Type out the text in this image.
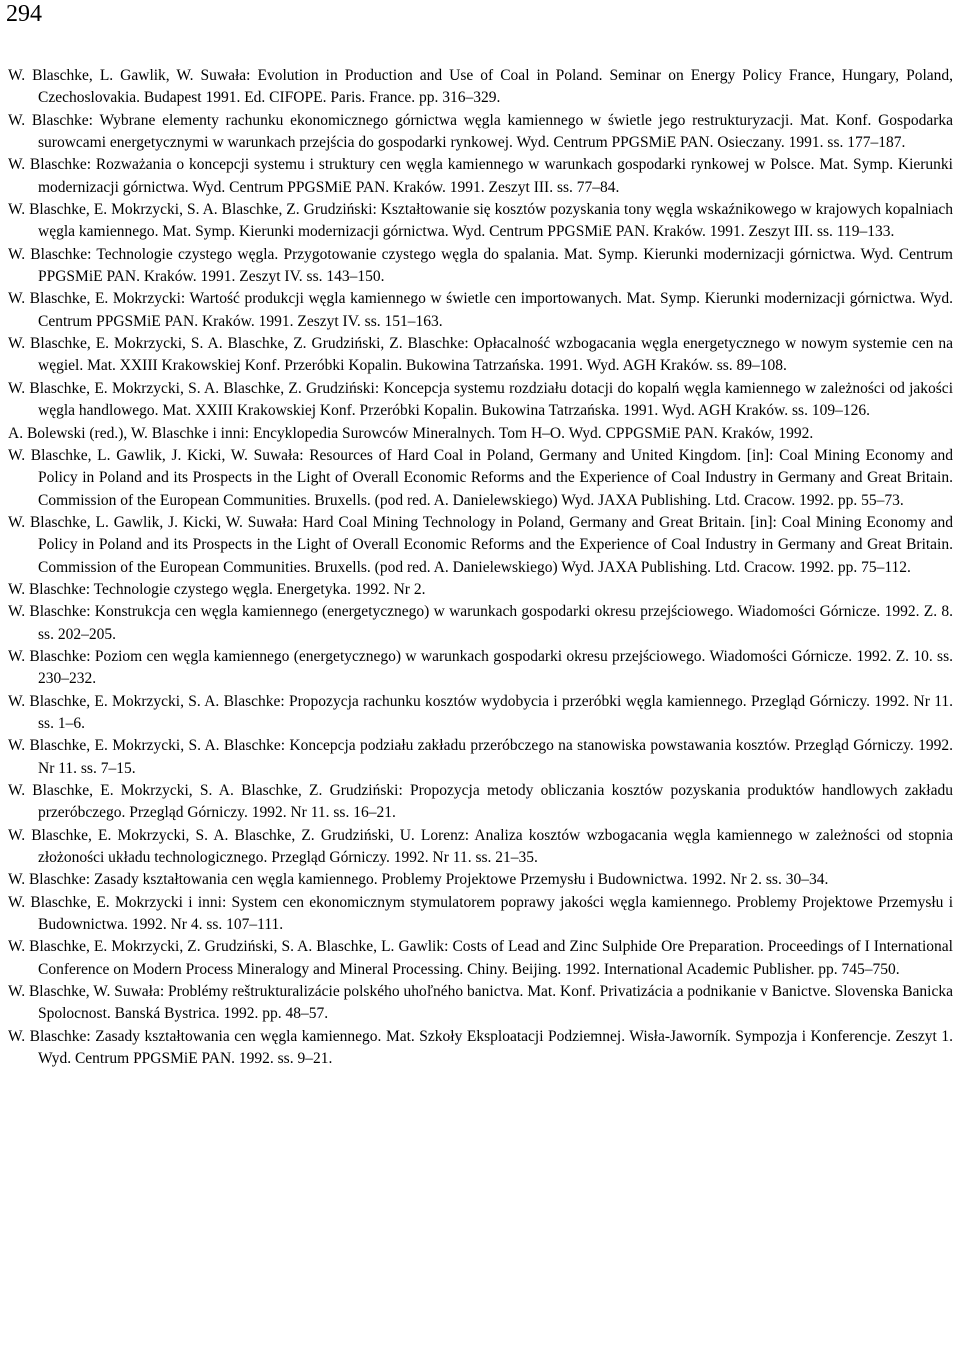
294
W. Blaschke, L. Gawlik, W. Suwała: Evolution in Production and Use of Coal in Poland. Seminar on Energy Policy France, Hungary, Poland, Czechoslovakia. Budapest 1991. Ed. CIFOPE. Paris. France. pp. 316–329.
W. Blaschke: Wybrane elementy rachunku ekonomicznego górnictwa węgla kamiennego w świetle jego restrukturyzacji. Mat. Konf. Gospodarka surowcami energetycznymi w warunkach przejścia do gospodarki rynkowej. Wyd. Centrum PPGSMiE PAN. Osieczany. 1991. ss. 177–187.
W. Blaschke: Rozważania o koncepcji systemu i struktury cen węgla kamiennego w warunkach gospodarki rynkowej w Polsce. Mat. Symp. Kierunki modernizacji górnictwa. Wyd. Centrum PPGSMiE PAN. Kraków. 1991. Zeszyt III. ss. 77–84.
W. Blaschke, E. Mokrzycki, S. A. Blaschke, Z. Grudziński: Kształtowanie się kosztów pozyskania tony węgla wskaźnikowego w krajowych kopalniach węgla kamiennego. Mat. Symp. Kierunki modernizacji górnictwa. Wyd. Centrum PPGSMiE PAN. Kraków. 1991. Zeszyt III. ss. 119–133.
W. Blaschke: Technologie czystego węgla. Przygotowanie czystego węgla do spalania. Mat. Symp. Kierunki modernizacji górnictwa. Wyd. Centrum PPGSMiE PAN. Kraków. 1991. Zeszyt IV. ss. 143–150.
W. Blaschke, E. Mokrzycki: Wartość produkcji węgla kamiennego w świetle cen importowanych. Mat. Symp. Kierunki modernizacji górnictwa. Wyd. Centrum PPGSMiE PAN. Kraków. 1991. Zeszyt IV. ss. 151–163.
W. Blaschke, E. Mokrzycki, S. A. Blaschke, Z. Grudziński, Z. Blaschke: Opłacalność wzbogacania węgla energetycznego w nowym systemie cen na węgiel. Mat. XXIII Krakowskiej Konf. Przeróbki Kopalin. Bukowina Tatrzańska. 1991. Wyd. AGH Kraków. ss. 89–108.
W. Blaschke, E. Mokrzycki, S. A. Blaschke, Z. Grudziński: Koncepcja systemu rozdziału dotacji do kopalń węgla kamiennego w zależności od jakości węgla handlowego. Mat. XXIII Krakowskiej Konf. Przeróbki Kopalin. Bukowina Tatrzańska. 1991. Wyd. AGH Kraków. ss. 109–126.
A. Bolewski (red.), W. Blaschke i inni: Encyklopedia Surowców Mineralnych. Tom H–O. Wyd. CPPGSMiE PAN. Kraków, 1992.
W. Blaschke, L. Gawlik, J. Kicki, W. Suwała: Resources of Hard Coal in Poland, Germany and United Kingdom. [in]: Coal Mining Economy and Policy in Poland and its Prospects in the Light of Overall Economic Reforms and the Experience of Coal Industry in Germany and Great Britain. Commission of the European Communities. Bruxells. (pod red. A. Danielewskiego) Wyd. JAXA Publishing. Ltd. Cracow. 1992. pp. 55–73.
W. Blaschke, L. Gawlik, J. Kicki, W. Suwała: Hard Coal Mining Technology in Poland, Germany and Great Britain. [in]: Coal Mining Economy and Policy in Poland and its Prospects in the Light of Overall Economic Reforms and the Experience of Coal Industry in Germany and Great Britain. Commission of the European Communities. Bruxells. (pod red. A. Danielewskiego) Wyd. JAXA Publishing. Ltd. Cracow. 1992. pp. 75–112.
W. Blaschke: Technologie czystego węgla. Energetyka. 1992. Nr 2.
W. Blaschke: Konstrukcja cen węgla kamiennego (energetycznego) w warunkach gospodarki okresu przejściowego. Wiadomości Górnicze. 1992. Z. 8. ss. 202–205.
W. Blaschke: Poziom cen węgla kamiennego (energetycznego) w warunkach gospodarki okresu przejściowego. Wiadomości Górnicze. 1992. Z. 10. ss. 230–232.
W. Blaschke, E. Mokrzycki, S. A. Blaschke: Propozycja rachunku kosztów wydobycia i przeróbki węgla kamiennego. Przegląd Górniczy. 1992. Nr 11. ss. 1–6.
W. Blaschke, E. Mokrzycki, S. A. Blaschke: Koncepcja podziału zakładu przeróbczego na stanowiska powstawania kosztów. Przegląd Górniczy. 1992. Nr 11. ss. 7–15.
W. Blaschke, E. Mokrzycki, S. A. Blaschke, Z. Grudziński: Propozycja metody obliczania kosztów pozyskania produktów handlowych zakładu przeróbczego. Przegląd Górniczy. 1992. Nr 11. ss. 16–21.
W. Blaschke, E. Mokrzycki, S. A. Blaschke, Z. Grudziński, U. Lorenz: Analiza kosztów wzbogacania węgla kamiennego w zależności od stopnia złożoności układu technologicznego. Przegląd Górniczy. 1992. Nr 11. ss. 21–35.
W. Blaschke: Zasady kształtowania cen węgla kamiennego. Problemy Projektowe Przemysłu i Budownictwa. 1992. Nr 2. ss. 30–34.
W. Blaschke, E. Mokrzycki i inni: System cen ekonomicznym stymulatorem poprawy jakości węgla kamiennego. Problemy Projektowe Przemysłu i Budownictwa. 1992. Nr 4. ss. 107–111.
W. Blaschke, E. Mokrzycki, Z. Grudziński, S. A. Blaschke, L. Gawlik: Costs of Lead and Zinc Sulphide Ore Preparation. Proceedings of I International Conference on Modern Process Mineralogy and Mineral Processing. Chiny. Beijing. 1992. International Academic Publisher. pp. 745–750.
W. Blaschke, W. Suwała: Problémy reštrukturalizácie polského uhoľného banictva. Mat. Konf. Privatizácia a podnikanie v Banictve. Slovenska Banicka Spolocnost. Banská Bystrica. 1992. pp. 48–57.
W. Blaschke: Zasady kształtowania cen węgla kamiennego. Mat. Szkoły Eksploatacji Podziemnej. Wisła-Jaworník. Sympozja i Konferencje. Zeszyt 1. Wyd. Centrum PPGSMiE PAN. 1992. ss. 9–21.
